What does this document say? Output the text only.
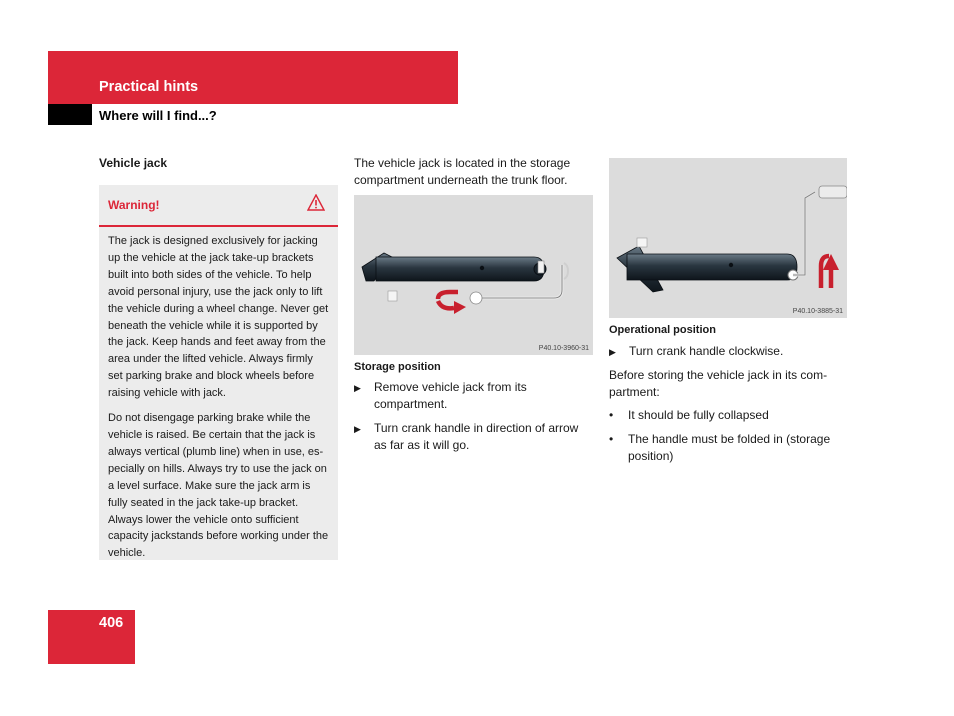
Practical hints
Where will I find...?
Vehicle jack
Warning!

The jack is designed exclusively for jacking up the vehicle at the jack take-up brackets built into both sides of the vehicle. To help avoid personal injury, use the jack only to lift the vehicle during a wheel change. Never get beneath the vehicle while it is supported by the jack. Keep hands and feet away from the area under the lifted vehicle. Always firmly set parking brake and block wheels before raising vehicle with jack.

Do not disengage parking brake while the vehicle is raised. Be certain that the jack is always vertical (plumb line) when in use, es-pecially on hills. Always try to use the jack on a level surface. Make sure the jack arm is fully seated in the jack take-up bracket. Always lower the vehicle onto sufficient capacity jackstands before working under the vehicle.

The vehicle jack is located in the storage compartment underneath the trunk floor.
P40.10-3960-31
Storage position
▶ Remove vehicle jack from its compartment.
▶ Turn crank handle in direction of arrow as far as it will go.
P40.10-3885-31
Operational position
▶ Turn crank handle clockwise.
Before storing the vehicle jack in its com-partment:
• It should be fully collapsed
• The handle must be folded in (storage position)
406
